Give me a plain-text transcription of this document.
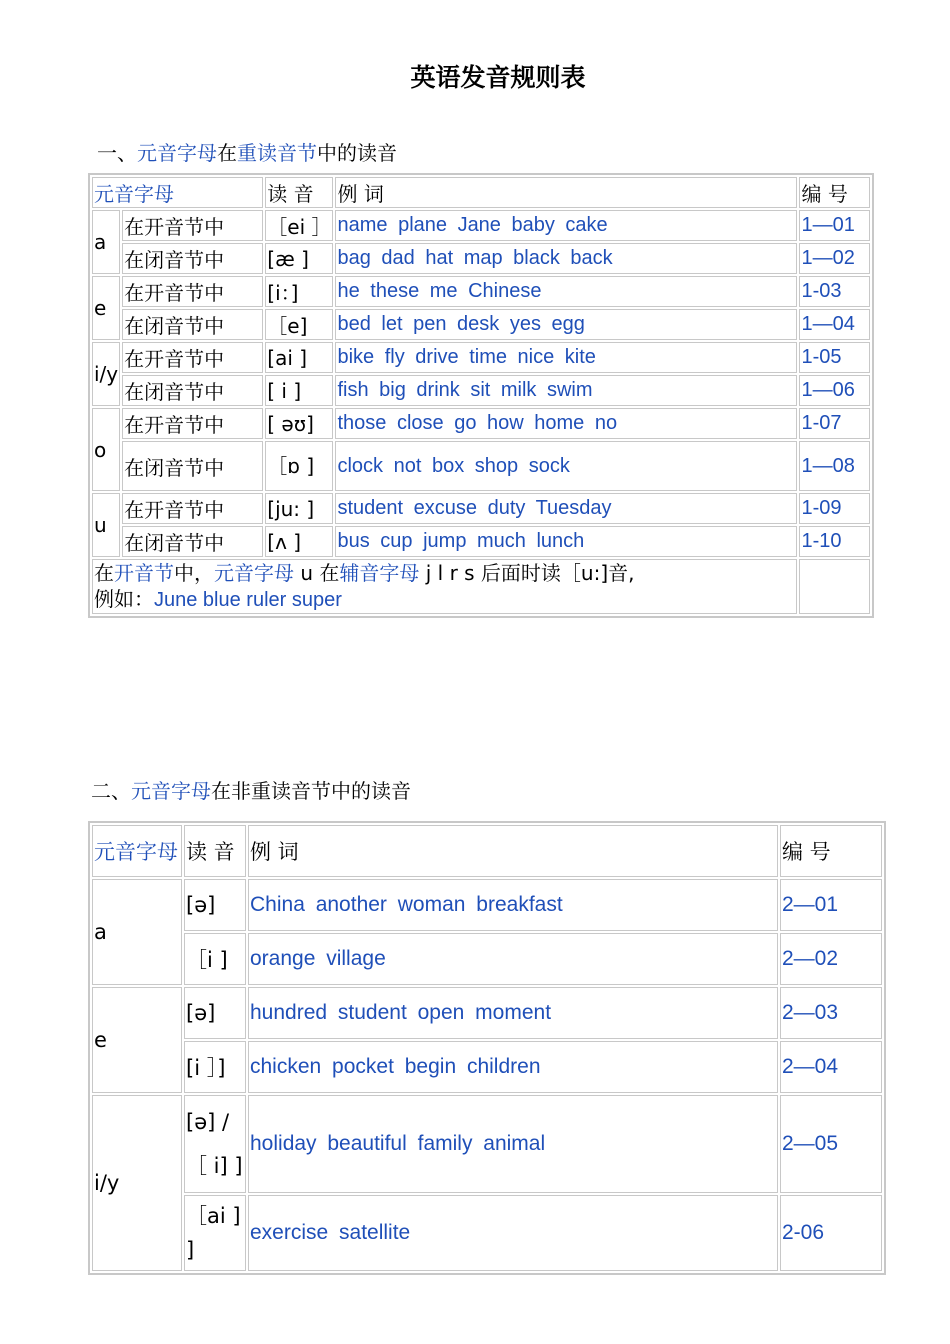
英语发音规则表
一、元音字母在重读音节中的读音
元音字母		读 音	例 词	编 号
a	在开音节中	［ei ］	name plane Jane baby cake	1—01
	在闭音节中	[æ ]	bag dad hat map black back	1—02
e	在开音节中	[i：]	he these me Chinese	1-03
	在闭音节中	［e]	bed let pen desk yes egg	1—04
i/y	在开音节中	[ai ]	bike fly drive time nice kite	1-05
	在闭音节中	[ i ]	fish big drink sit milk swim	1—06
o	在开音节中	[ əʊ]	those close go how home no	1-07
	在闭音节中	［ɒ ]	clock not box shop sock	1—08
u	在开音节中	[ju: ]	student excuse duty Tuesday	1-09
	在闭音节中	[ʌ ]	bus cup jump much lunch	1-10

在开音节中，元音字母 u 在辅音字母 j l r s 后面时读［u:]音,
例如：June blue ruler super				

二、元音字母在非重读音节中的读音
元音字母	读 音	例 词	编 号
a	[ə]	China another woman breakfast	2—01
	［i ]	orange village	2—02
e	[ə]	hundred student open moment	2—03
	[i ］]	chicken pocket begin children	2—04
i/y	[ə] / ［ i] ]	holiday beautiful family animal	2—05
	［ai ] ]	exercise satellite	2-06
